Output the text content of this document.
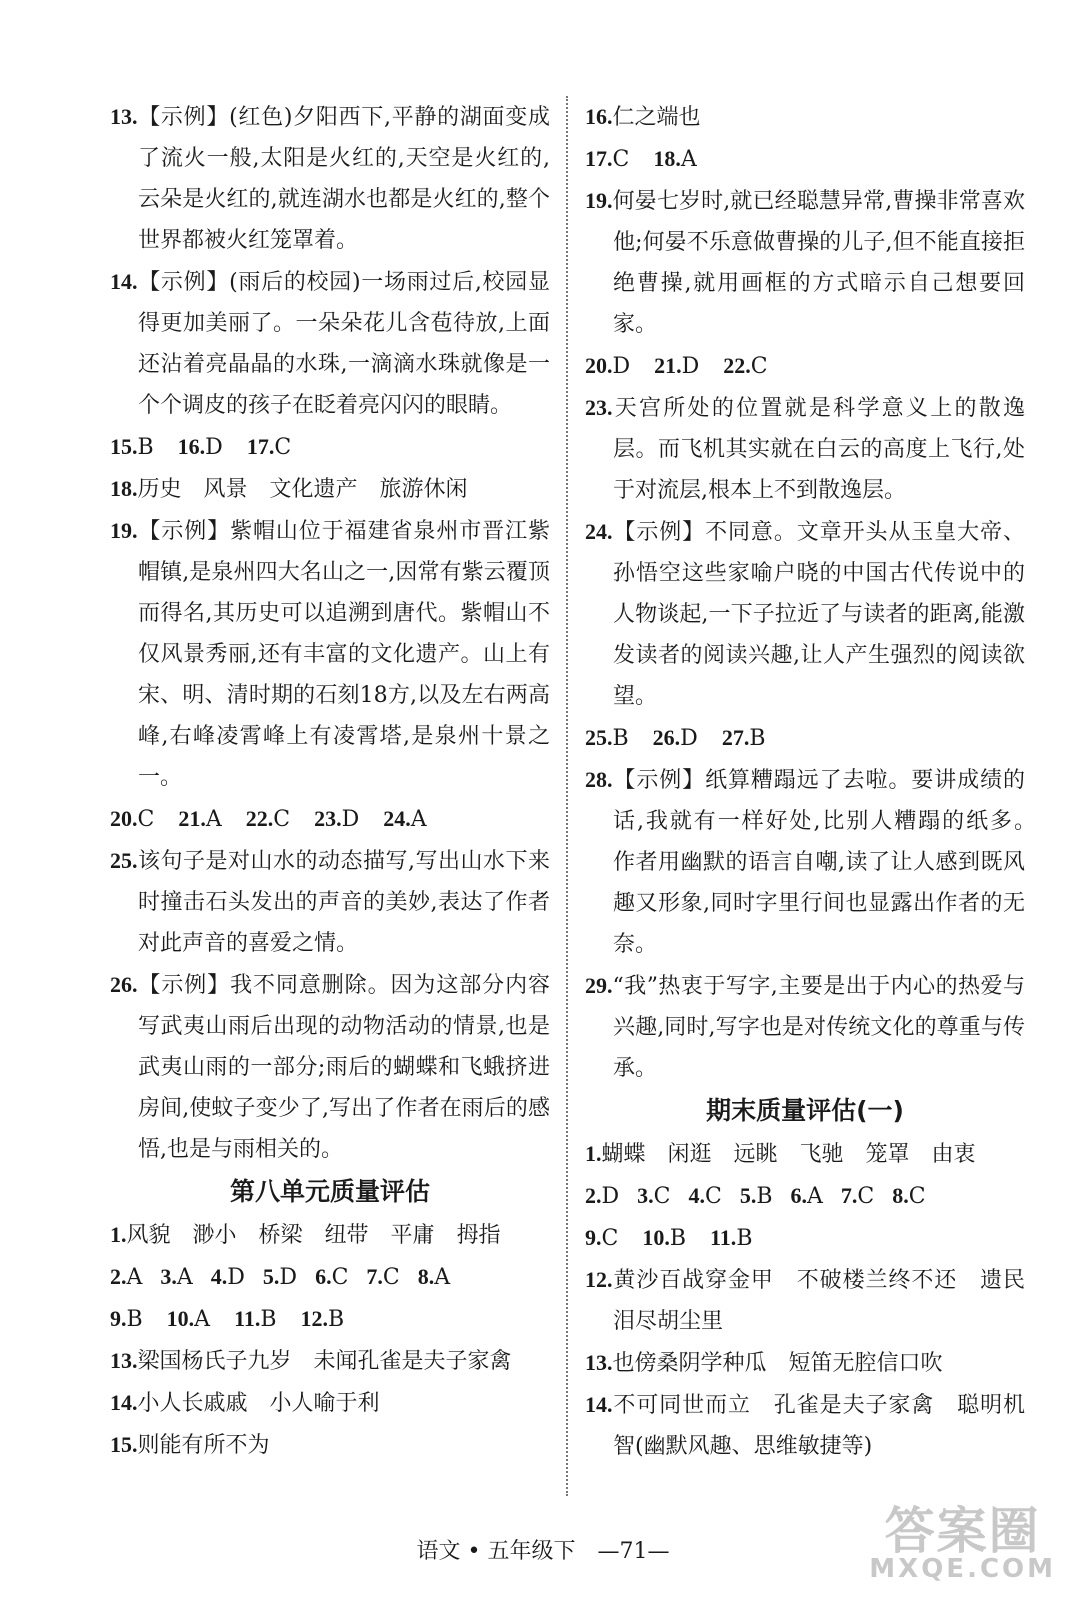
13.【示例】(红色)夕阳西下,平静的湖面变成了流火一般,太阳是火红的,天空是火红的,云朵是火红的,就连湖水也都是火红的,整个世界都被火红笼罩着。

14.【示例】(雨后的校园)一场雨过后,校园显得更加美丽了。一朵朵花儿含苞待放,上面还沾着亮晶晶的水珠,一滴滴水珠就像是一个个调皮的孩子在眨着亮闪闪的眼睛。

15.B 16.D 17.C

18.历史　风景　文化遗产　旅游休闲

19.【示例】紫帽山位于福建省泉州市晋江紫帽镇,是泉州四大名山之一,因常有紫云覆顶而得名,其历史可以追溯到唐代。紫帽山不仅风景秀丽,还有丰富的文化遗产。山上有宋、明、清时期的石刻18方,以及左右两高峰,右峰凌霄峰上有凌霄塔,是泉州十景之一。

20.C 21.A 22.C 23.D 24.A

25.该句子是对山水的动态描写,写出山水下来时撞击石头发出的声音的美妙,表达了作者对此声音的喜爱之情。

26.【示例】我不同意删除。因为这部分内容写武夷山雨后出现的动物活动的情景,也是武夷山雨的一部分;雨后的蝴蝶和飞蛾挤进房间,使蚊子变少了,写出了作者在雨后的感悟,也是与雨相关的。

第八单元质量评估

1.风貌　渺小　桥梁　纽带　平庸　拇指

2.A 3.A 4.D 5.D 6.C 7.C 8.A
9.B 10.A 11.B 12.B

13.梁国杨氏子九岁　未闻孔雀是夫子家禽

14.小人长戚戚　小人喻于利

15.则能有所不为

16.仁之端也

17.C 18.A

19.何晏七岁时,就已经聪慧异常,曹操非常喜欢他;何晏不乐意做曹操的儿子,但不能直接拒绝曹操,就用画框的方式暗示自己想要回家。

20.D 21.D 22.C

23.天宫所处的位置就是科学意义上的散逸层。而飞机其实就在白云的高度上飞行,处于对流层,根本上不到散逸层。

24.【示例】不同意。文章开头从玉皇大帝、孙悟空这些家喻户晓的中国古代传说中的人物谈起,一下子拉近了与读者的距离,能激发读者的阅读兴趣,让人产生强烈的阅读欲望。

25.B 26.D 27.B

28.【示例】纸算糟蹋远了去啦。要讲成绩的话,我就有一样好处,比别人糟蹋的纸多。　作者用幽默的语言自嘲,读了让人感到既风趣又形象,同时字里行间也显露出作者的无奈。

29.“我”热衷于写字,主要是出于内心的热爱与兴趣,同时,写字也是对传统文化的尊重与传承。

期末质量评估(一)

1.蝴蝶　闲逛　远眺　飞驰　笼罩　由衷

2.D 3.C 4.C 5.B 6.A 7.C 8.C
9.C 10.B 11.B

12.黄沙百战穿金甲　不破楼兰终不还　遗民泪尽胡尘里

13.也傍桑阴学种瓜　短笛无腔信口吹

14.不可同世而立　孔雀是夫子家禽　聪明机智(幽默风趣、思维敏捷等)

语文 • 五年级下　—71—	答案圈
MXQE.COM
